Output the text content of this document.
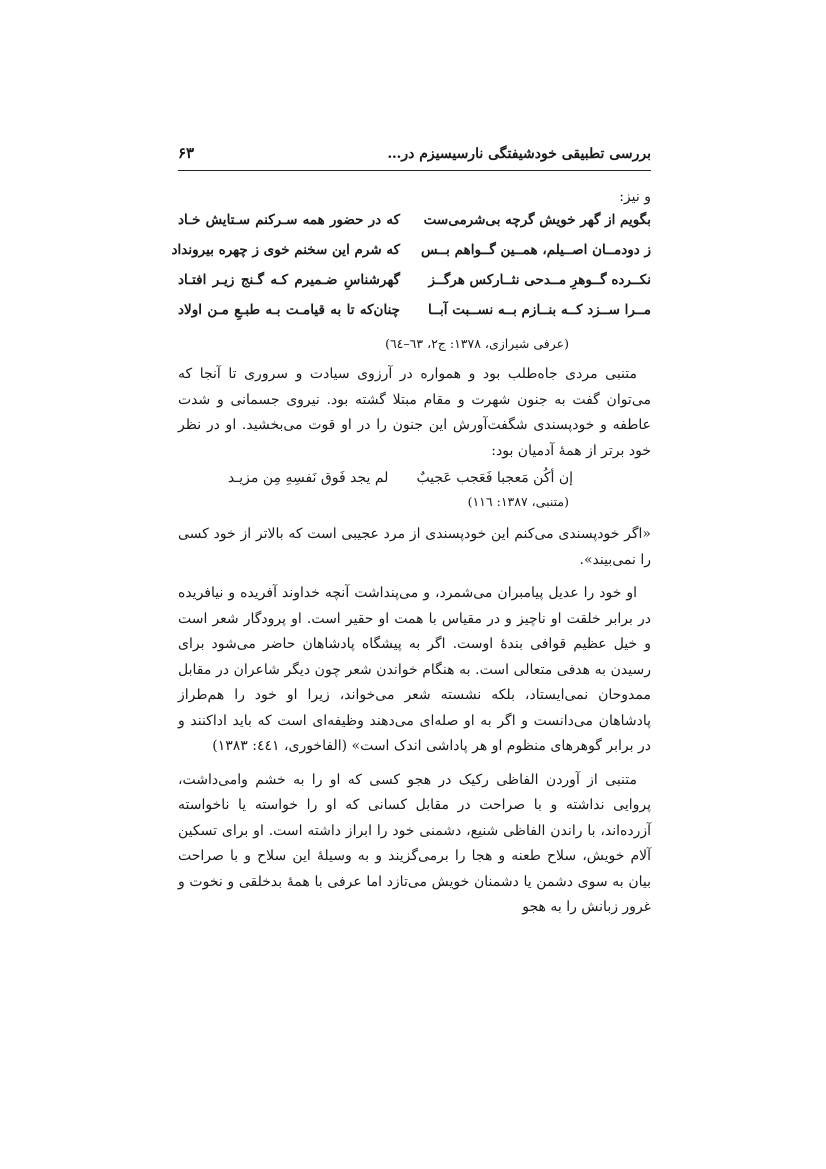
بررسی تطبیقی خودشیفتگی نارسیسیزم در…
۶۳

و نیز:

بگویم از گهر خویش گرچه بی‌شرمی‌ست
که در حضور همه سـرکنم سـتایش خـاد
ز دودمــان اصــیلم، همــین گــواهم بــس
که شرم این سخنم خوی ز چهره بیرونداد
نکــرده گــوهرِ مــدحی نثــارکس هرگــز
گهرشناسِ ضـمیرم کـه گـنج زیـر افتـاد
مــرا ســزد کــه بنــازم بــه نســبت آبــا
چنان‌که تا به قیامـت بـه طبـعِ مـن اولاد
(عرفی شیرازی، ۱۳۷۸: ج۲، ٦٣–٦٤)

متنبی مردی جاه‌طلب بود و همواره در آرزوی سیادت و سروری تا آنجا که می‌توان گفت به جنون شهرت و مقام مبتلا گشته بود. نیروی جسمانی و شدت عاطفه و خودپسندی شگفت‌آورش این جنون را در او قوت می‌بخشید. او در نظر خود برتر از همهٔ آدمیان بود:

إن أکُن مَعجبا فَعَجب عَجیبٌلم یجد فَوق نَفسِهِ مِن مزیـد
(متنبی، ۱۳۸۷: ۱۱٦)

«اگر خودپسندی می‌کنم این خودپسندی از مرد عجیبی است که بالاتر از خود کسی را نمی‌بیند».

او خود را عدیل پیامبران می‌شمرد، و می‌پنداشت آنچه خداوند آفریده و نیافریده در برابر خلقت او ناچیز و در مقیاس با همت او حقیر است. او پرودگار شعر است و خیل عظیم قوافی بندهٔ اوست. اگر به پیشگاه پادشاهان حاضر می‌شود برای رسیدن به هدفی متعالی است. به هنگام خواندن شعر چون دیگر شاعران در مقابل ممدوحان نمی‌ایستاد، بلکه نشسته شعر می‌خواند، زیرا او خود را هم‌طراز پادشاهان می‌دانست و اگر به او صله‌ای می‌دهند وظیفه‌ای است که باید اداکنند و در برابر گوهرهای منظوم او هر پاداشی اندک است» (الفاخوری، ٤٤١: ۱۳۸۳)

متنبی از آوردن الفاظی رکیک در هجو کسی که او را به خشم وامی‌داشت، پروایی نداشته و با صراحت در مقابل کسانی که او را خواسته یا ناخواسته آزرده‌اند، با راندن الفاظی شنیع، دشمنی خود را ابراز داشته است. او برای تسکین آلام خویش، سلاح طعنه و هجا را برمی‌گزیند و به وسیلهٔ این سلاح و با صراحت بیان به سوی دشمن یا دشمنان خویش می‌تازد اما عرفی با همهٔ بدخلقی و نخوت و غرور زبانش را به هجو
